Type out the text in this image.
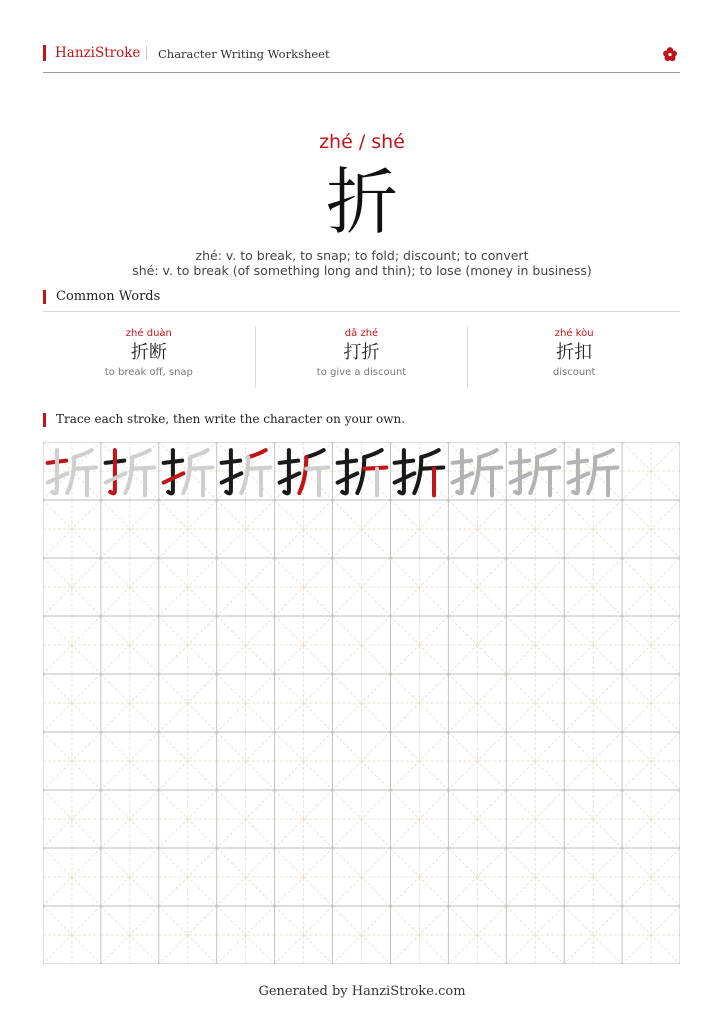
HanziStroke Character Writing Worksheet
zhé / shé
折
zhé: v. to break, to snap; to fold; discount; to convert
shé: v. to break (of something long and thin); to lose (money in business)
Common Words
zhé duàn
折断
to break off, snap
dǎ zhé
打折
to give a discount
zhé kòu
折扣
discount
Trace each stroke, then write the character on your own.
Generated by HanziStroke.com
